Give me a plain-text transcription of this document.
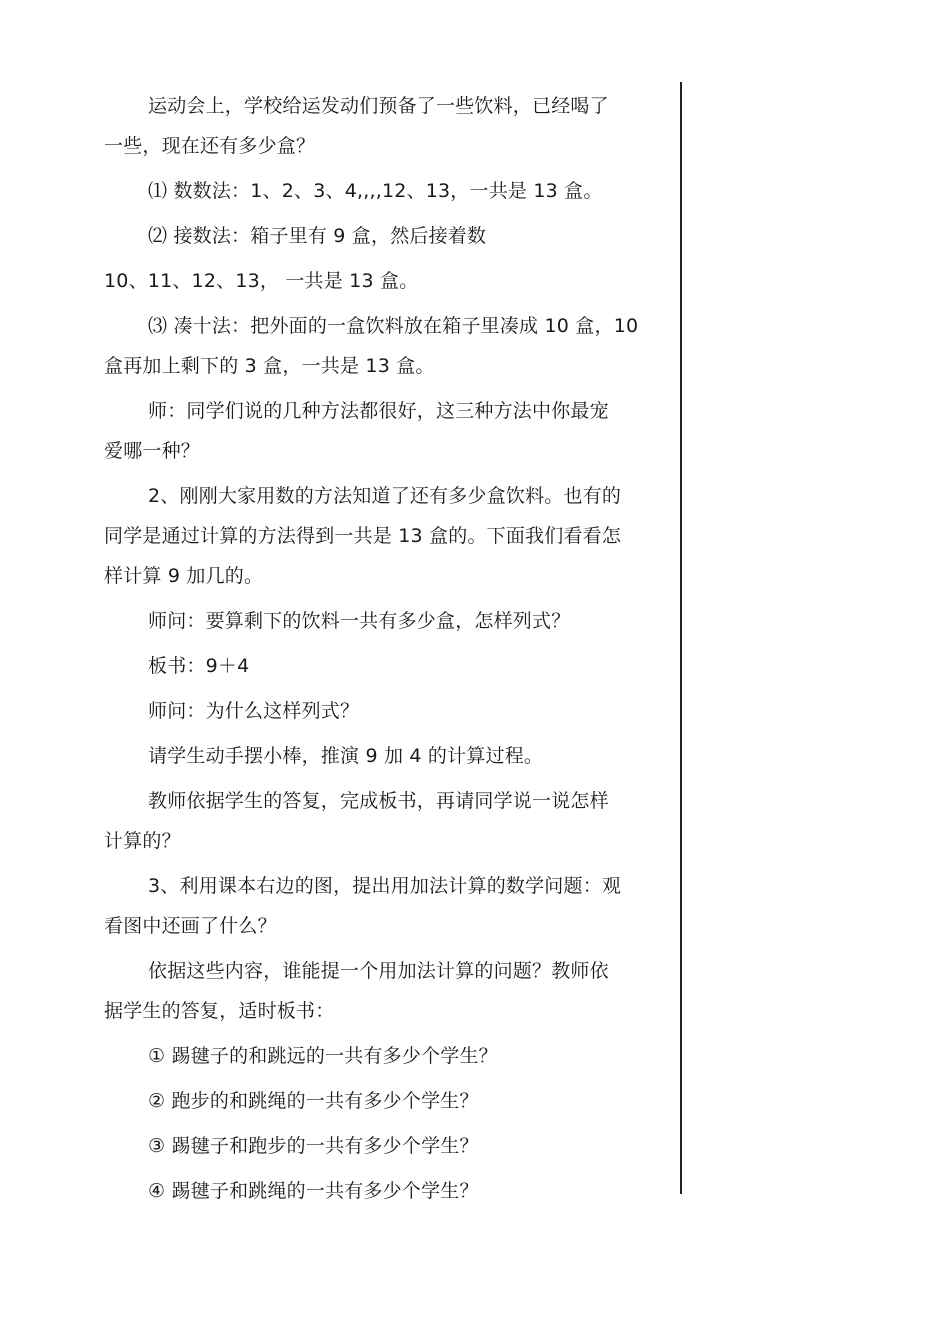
运动会上，学校给运发动们预备了一些饮料，已经喝了
一些，现在还有多少盒？

⑴ 数数法：1、2、3、4,,,,12、13，一共是 13 盒。

⑵ 接数法：箱子里有 9 盒，然后接着数

10、11、12、13， 一共是 13 盒。

⑶ 凑十法：把外面的一盒饮料放在箱子里凑成 10 盒，10
盒再加上剩下的 3 盒，一共是 13 盒。

师：同学们说的几种方法都很好，这三种方法中你最宠
爱哪一种？

2、刚刚大家用数的方法知道了还有多少盒饮料。也有的
同学是通过计算的方法得到一共是 13 盒的。下面我们看看怎
样计算 9 加几的。

师问：要算剩下的饮料一共有多少盒，怎样列式？

板书：9＋4

师问：为什么这样列式？

请学生动手摆小棒，推演 9 加 4 的计算过程。

教师依据学生的答复，完成板书，再请同学说一说怎样
计算的？

3、利用课本右边的图，提出用加法计算的数学问题：观
看图中还画了什么？

依据这些内容，谁能提一个用加法计算的问题？教师依
据学生的答复，适时板书：

① 踢毽子的和跳远的一共有多少个学生？

② 跑步的和跳绳的一共有多少个学生？

③ 踢毽子和跑步的一共有多少个学生？

④ 踢毽子和跳绳的一共有多少个学生？
